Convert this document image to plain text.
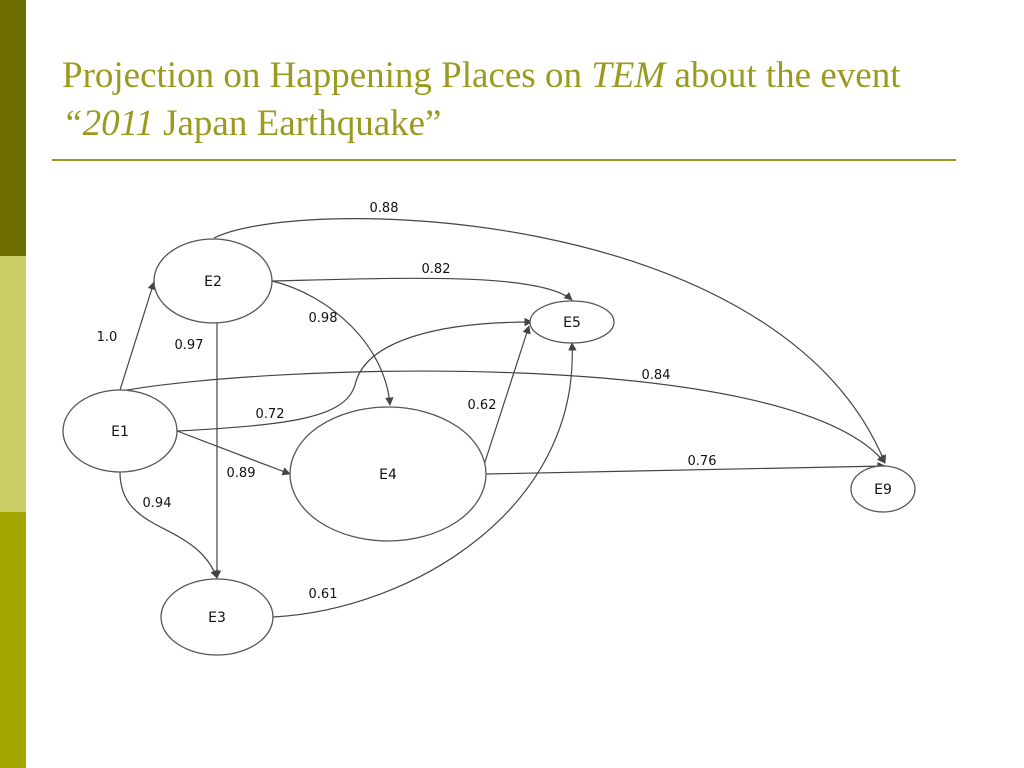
Projection on Happening Places on TEM about the event
“2011 Japan Earthquake”
E2
E1
E3
E4
E5
E9
0.88
0.82
0.98
1.0
0.97
0.84
0.72
0.62
0.89
0.76
0.94
0.61
